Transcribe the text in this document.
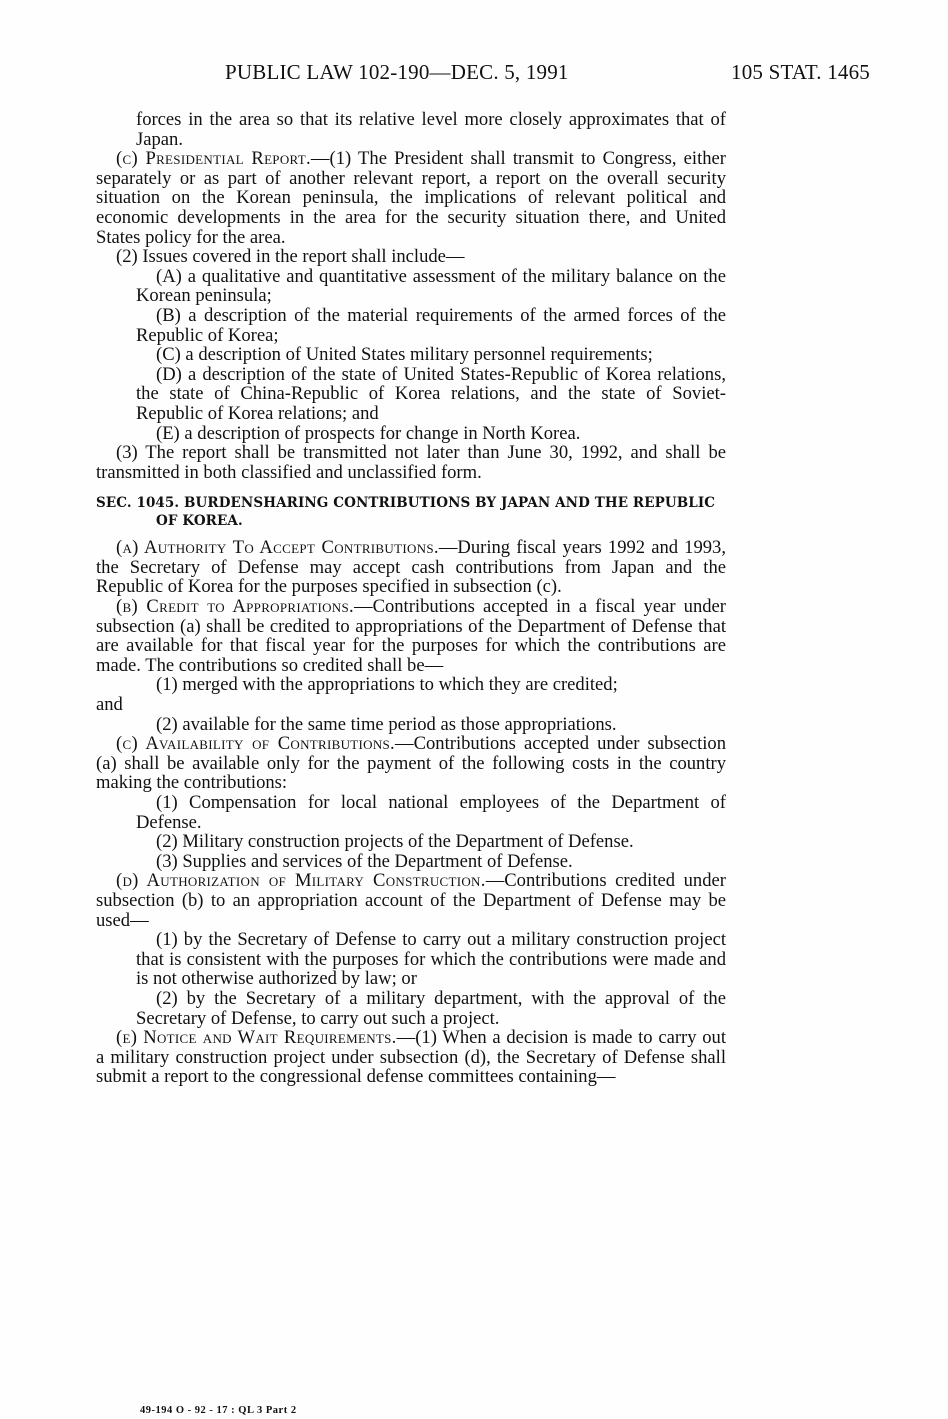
PUBLIC LAW 102-190—DEC. 5, 1991	105 STAT. 1465

forces in the area so that its relative level more closely approximates that of Japan.

(c) Presidential Report.—(1) The President shall transmit to Congress, either separately or as part of another relevant report, a report on the overall security situation on the Korean peninsula, the implications of relevant political and economic developments in the area for the security situation there, and United States policy for the area.

(2) Issues covered in the report shall include—

(A) a qualitative and quantitative assessment of the military balance on the Korean peninsula;

(B) a description of the material requirements of the armed forces of the Republic of Korea;

(C) a description of United States military personnel requirements;

(D) a description of the state of United States-Republic of Korea relations, the state of China-Republic of Korea relations, and the state of Soviet-Republic of Korea relations; and

(E) a description of prospects for change in North Korea.

(3) The report shall be transmitted not later than June 30, 1992, and shall be transmitted in both classified and unclassified form.

SEC. 1045. BURDENSHARING CONTRIBUTIONS BY JAPAN AND THE REPUBLIC OF KOREA.

(a) Authority To Accept Contributions.—During fiscal years 1992 and 1993, the Secretary of Defense may accept cash contributions from Japan and the Republic of Korea for the purposes specified in subsection (c).

(b) Credit to Appropriations.—Contributions accepted in a fiscal year under subsection (a) shall be credited to appropriations of the Department of Defense that are available for that fiscal year for the purposes for which the contributions are made. The contributions so credited shall be—

(1) merged with the appropriations to which they are credited;

and

(2) available for the same time period as those appropriations.

(c) Availability of Contributions.—Contributions accepted under subsection (a) shall be available only for the payment of the following costs in the country making the contributions:

(1) Compensation for local national employees of the Department of Defense.

(2) Military construction projects of the Department of Defense.

(3) Supplies and services of the Department of Defense.

(d) Authorization of Military Construction.—Contributions credited under subsection (b) to an appropriation account of the Department of Defense may be used—

(1) by the Secretary of Defense to carry out a military construction project that is consistent with the purposes for which the contributions were made and is not otherwise authorized by law; or

(2) by the Secretary of a military department, with the approval of the Secretary of Defense, to carry out such a project.

(e) Notice and Wait Requirements.—(1) When a decision is made to carry out a military construction project under subsection (d), the Secretary of Defense shall submit a report to the congressional defense committees containing—

49-194 O - 92 - 17 : QL 3 Part 2
